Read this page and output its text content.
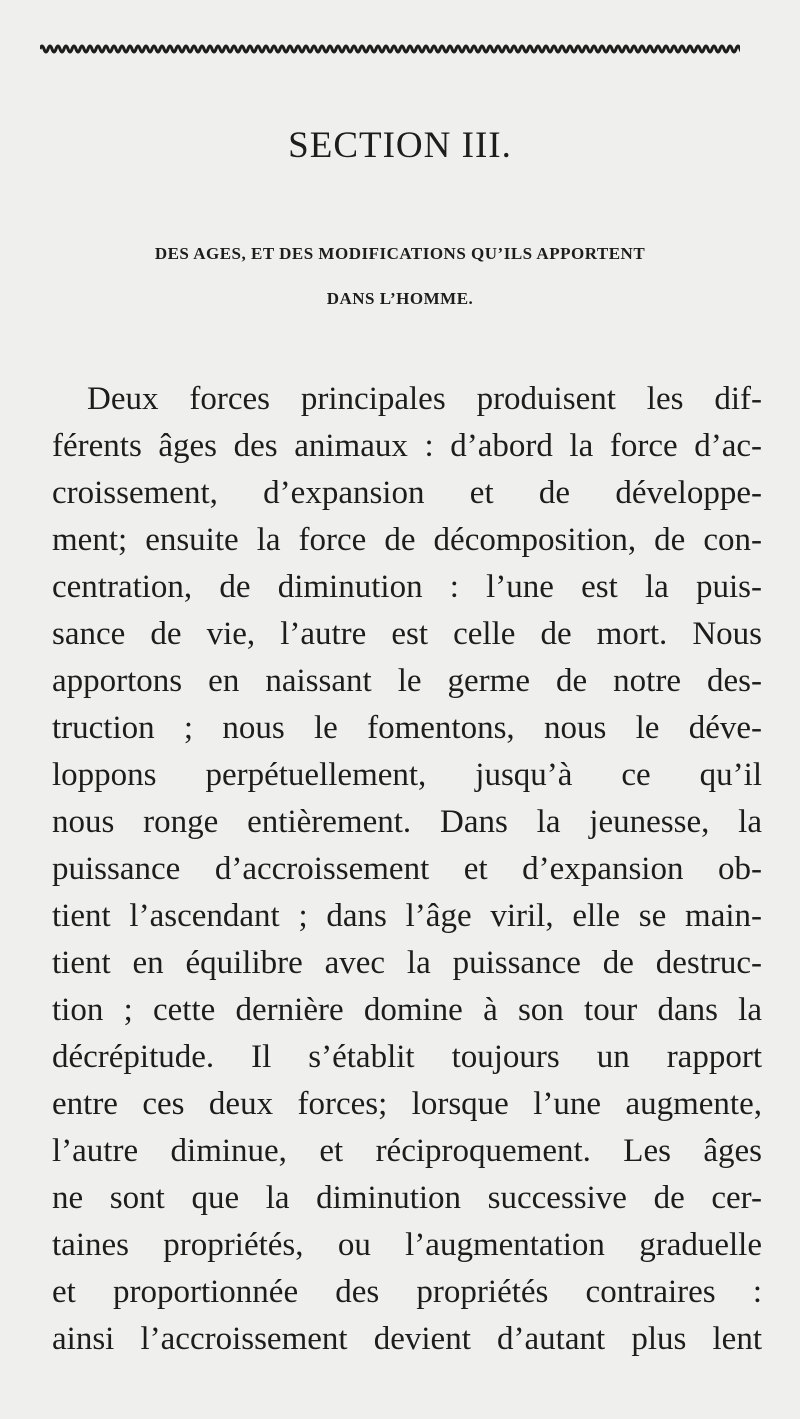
SECTION III.
DES AGES, ET DES MODIFICATIONS QU’ILS APPORTENT
DANS L’HOMME.
Deux forces principales produisent les dif-
férents âges des animaux : d’abord la force d’ac-
croissement, d’expansion et de développe-
ment; ensuite la force de décomposition, de con-
centration, de diminution : l’une est la puis-
sance de vie, l’autre est celle de mort. Nous
apportons en naissant le germe de notre des-
truction ; nous le fomentons, nous le déve-
loppons perpétuellement, jusqu’à ce qu’il
nous ronge entièrement. Dans la jeunesse, la
puissance d’accroissement et d’expansion ob-
tient l’ascendant ; dans l’âge viril, elle se main-
tient en équilibre avec la puissance de destruc-
tion ; cette dernière domine à son tour dans la
décrépitude. Il s’établit toujours un rapport
entre ces deux forces; lorsque l’une augmente,
l’autre diminue, et réciproquement. Les âges
ne sont que la diminution successive de cer-
taines propriétés, ou l’augmentation graduelle
et proportionnée des propriétés contraires :
ainsi l’accroissement devient d’autant plus lent
